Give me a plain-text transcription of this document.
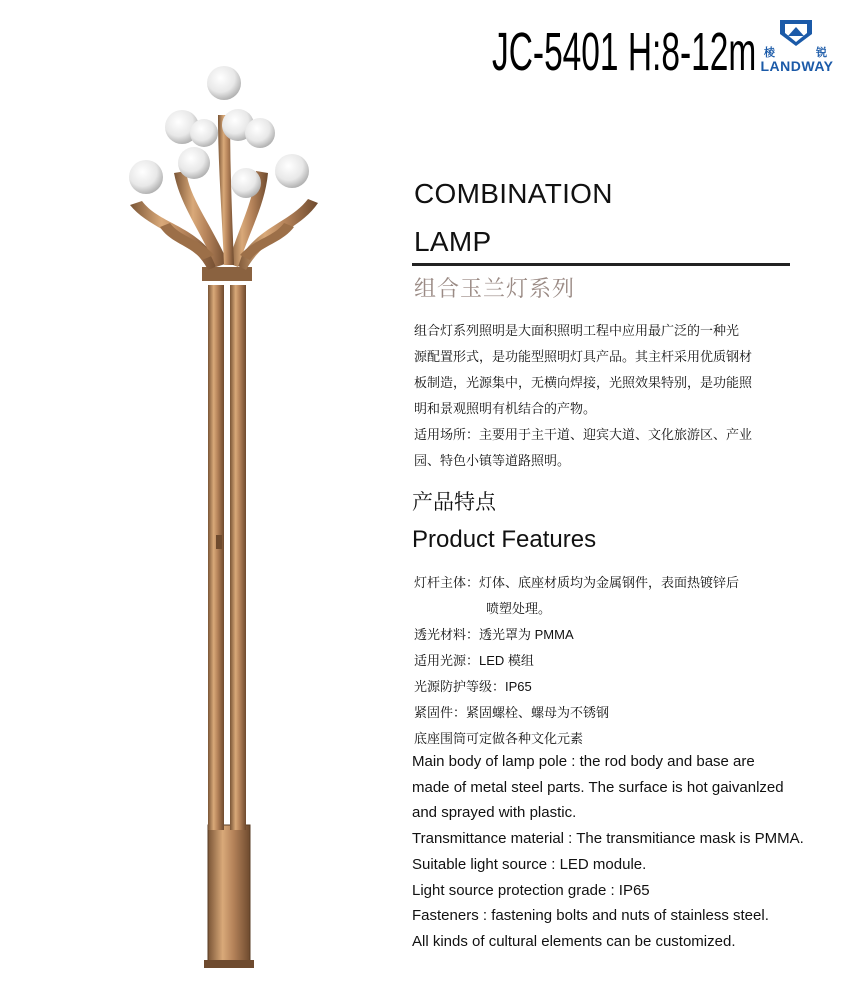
JC-5401 H:8-12m 棱	锐
LANDWAY
COMBINATION
LAMP
组合玉兰灯系列
组合灯系列照明是大面积照明工程中应用最广泛的一种光
源配置形式，是功能型照明灯具产品。其主杆采用优质钢材
板制造，光源集中，无横向焊接，光照效果特别，是功能照
明和景观照明有机结合的产物。
适用场所：主要用于主干道、迎宾大道、文化旅游区、产业
园、特色小镇等道路照明。
产品特点
Product Features
灯杆主体：灯体、底座材质均为金属钢件，表面热镀锌后
喷塑处理。
透光材料：透光罩为 PMMA
适用光源：LED 模组
光源防护等级：IP65
紧固件：紧固螺栓、螺母为不锈钢
底座围筒可定做各种文化元素
Main body of lamp pole : the rod body and base are
made of metal steel parts. The surface is hot gaivanlzed
and sprayed with plastic.
Transmittance material : The transmitiance mask is PMMA.
Suitable light source : LED module.
Light source protection grade : IP65
Fasteners : fastening bolts and nuts of stainless steel.
All kinds of cultural elements can be customized.
